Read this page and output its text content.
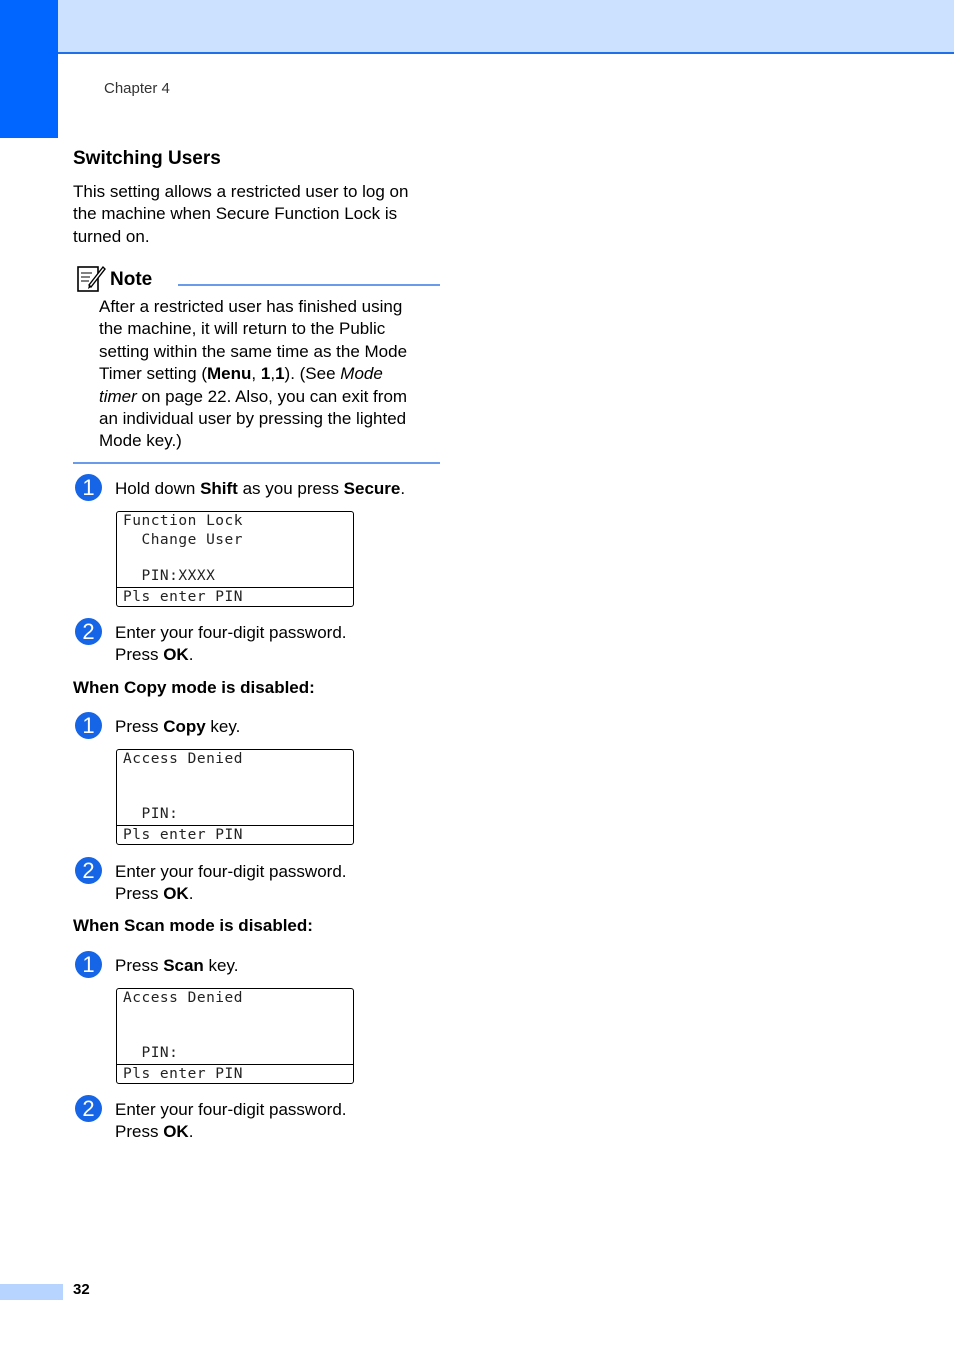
Chapter 4
Switching Users
This setting allows a restricted user to log on
the machine when Secure Function Lock is
turned on.
Note
After a restricted user has finished using
the machine, it will return to the Public
setting within the same time as the Mode
Timer setting (Menu, 1,1). (See Mode
timer on page 22. Also, you can exit from
an individual user by pressing the lighted
Mode key.)
1	Hold down Shift as you press Secure.
Function Lock
Change User
PIN:XXXX
Pls enter PIN
2	Enter your four-digit password.
Press OK.
When Copy mode is disabled:
1	Press Copy key.
Access Denied
PIN:
Pls enter PIN
2	Enter your four-digit password.
Press OK.
When Scan mode is disabled:
1	Press Scan key.
Access Denied
PIN:
Pls enter PIN
2	Enter your four-digit password.
Press OK.
32
